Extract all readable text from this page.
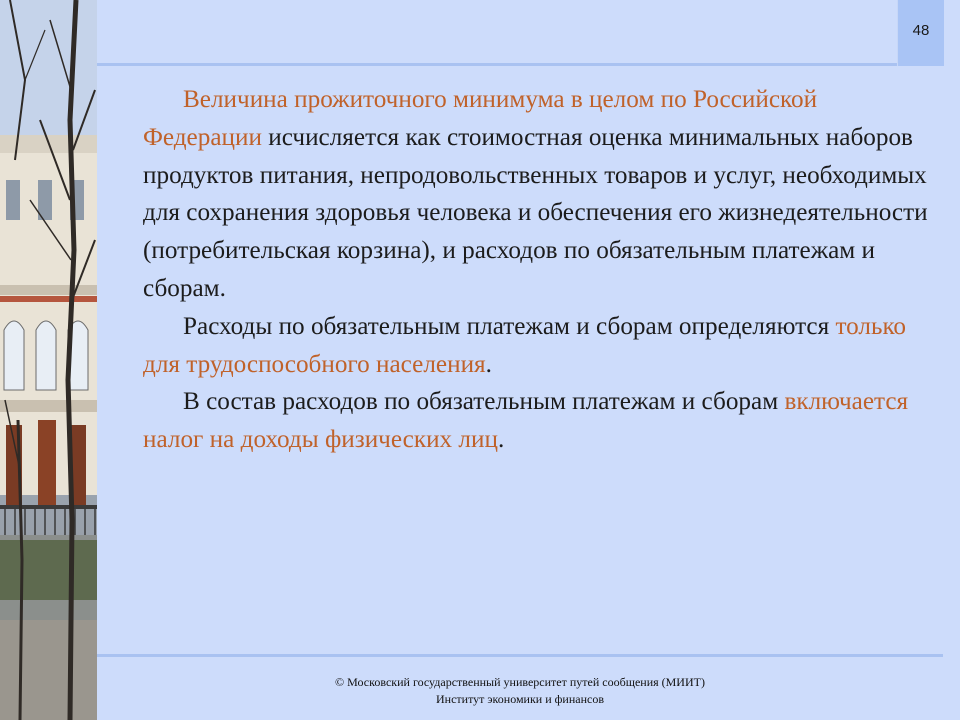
48

Величина прожиточного минимума в целом по Российской Федерации исчисляется как стоимостная оценка минимальных наборов продуктов питания, непродовольственных товаров и услуг, необходимых для сохранения здоровья человека и обеспечения его жизнедеятельности (потребительская корзина), и расходов по обязательным платежам и сборам.

Расходы по обязательным платежам и сборам определяются только для трудоспособного населения.

В состав расходов по обязательным платежам и сборам включается налог на доходы физических лиц.

© Московский государственный университет путей сообщения (МИИТ)
Институт экономики и финансов
